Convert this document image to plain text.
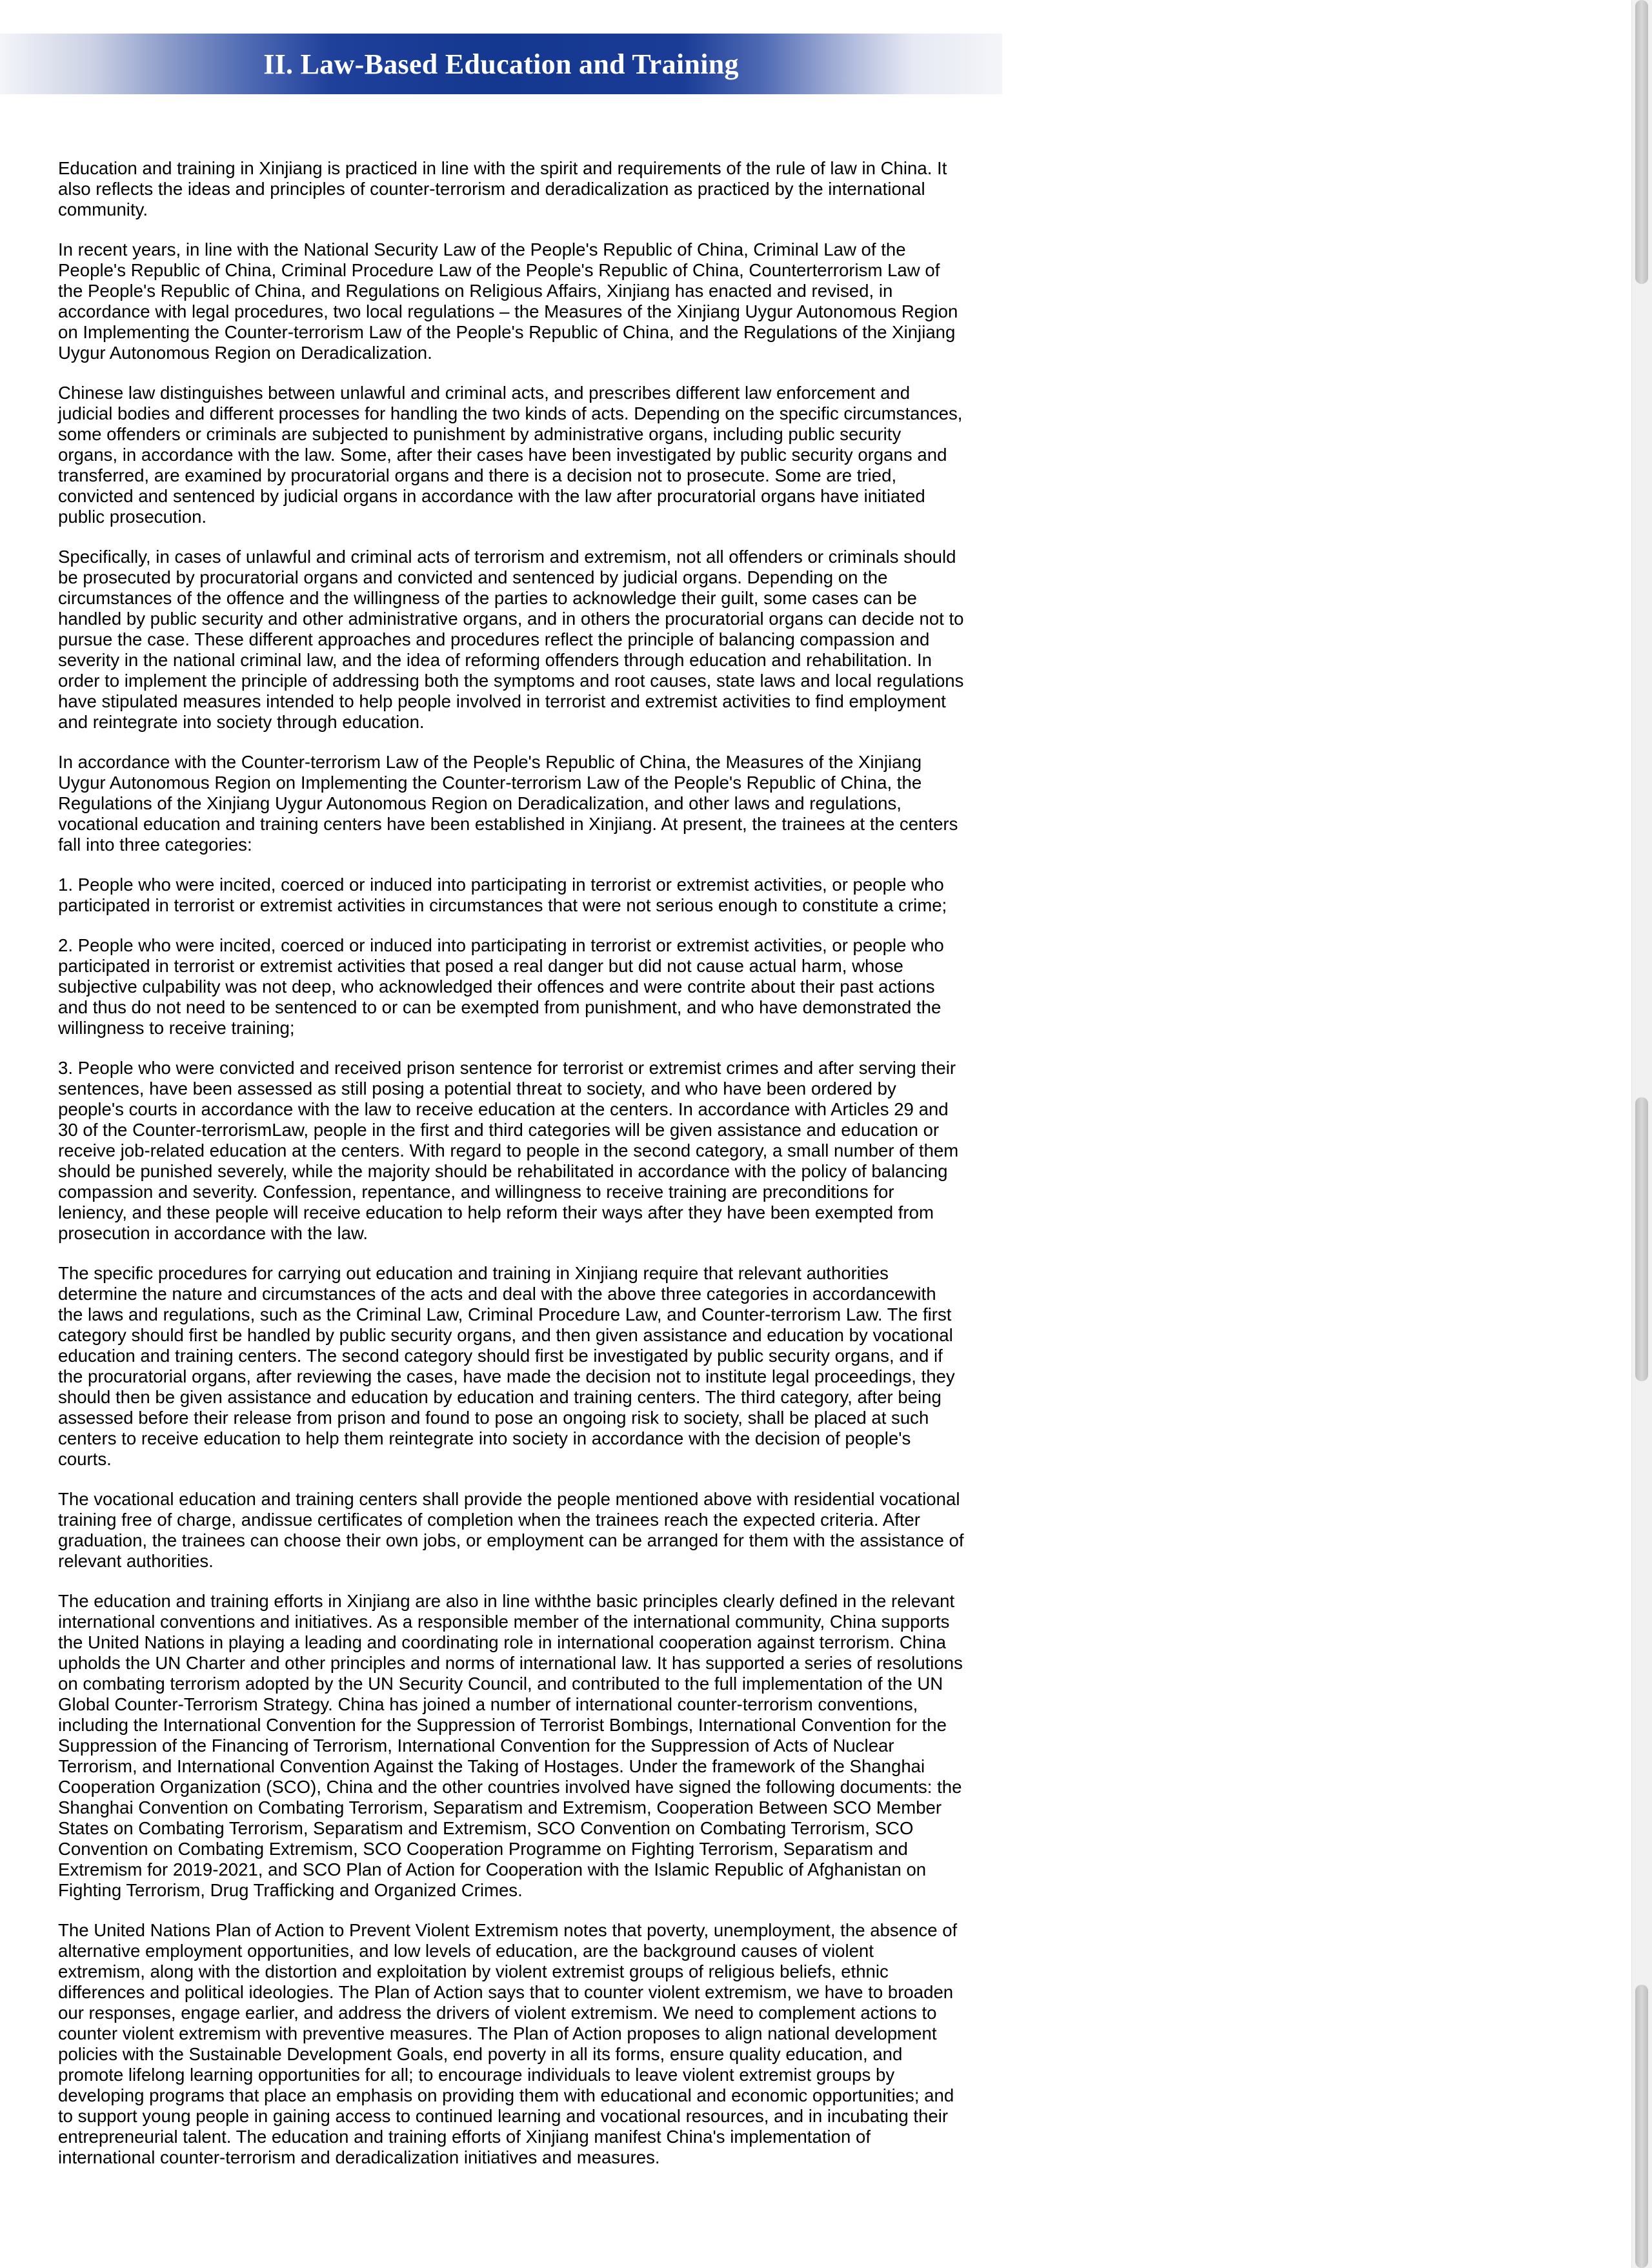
II. Law-Based Education and Training

Education and training in Xinjiang is practiced in line with the spirit and requirements of the rule of law in China. It also reflects the ideas and principles of counter-terrorism and deradicalization as practiced by the international community.

In recent years, in line with the National Security Law of the People's Republic of China, Criminal Law of the People's Republic of China, Criminal Procedure Law of the People's Republic of China, Counterterrorism Law of the People's Republic of China, and Regulations on Religious Affairs, Xinjiang has enacted and revised, in accordance with legal procedures, two local regulations – the Measures of the Xinjiang Uygur Autonomous Region on Implementing the Counter-terrorism Law of the People's Republic of China, and the Regulations of the Xinjiang Uygur Autonomous Region on Deradicalization.

Chinese law distinguishes between unlawful and criminal acts, and prescribes different law enforcement and judicial bodies and different processes for handling the two kinds of acts. Depending on the specific circumstances, some offenders or criminals are subjected to punishment by administrative organs, including public security organs, in accordance with the law. Some, after their cases have been investigated by public security organs and transferred, are examined by procuratorial organs and there is a decision not to prosecute. Some are tried, convicted and sentenced by judicial organs in accordance with the law after procuratorial organs have initiated public prosecution.

Specifically, in cases of unlawful and criminal acts of terrorism and extremism, not all offenders or criminals should be prosecuted by procuratorial organs and convicted and sentenced by judicial organs. Depending on the circumstances of the offence and the willingness of the parties to acknowledge their guilt, some cases can be handled by public security and other administrative organs, and in others the procuratorial organs can decide not to pursue the case. These different approaches and procedures reflect the principle of balancing compassion and severity in the national criminal law, and the idea of reforming offenders through education and rehabilitation. In order to implement the principle of addressing both the symptoms and root causes, state laws and local regulations have stipulated measures intended to help people involved in terrorist and extremist activities to find employment and reintegrate into society through education.

In accordance with the Counter-terrorism Law of the People's Republic of China, the Measures of the Xinjiang Uygur Autonomous Region on Implementing the Counter-terrorism Law of the People's Republic of China, the Regulations of the Xinjiang Uygur Autonomous Region on Deradicalization, and other laws and regulations, vocational education and training centers have been established in Xinjiang. At present, the trainees at the centers fall into three categories:

1. People who were incited, coerced or induced into participating in terrorist or extremist activities, or people who participated in terrorist or extremist activities in circumstances that were not serious enough to constitute a crime;

2. People who were incited, coerced or induced into participating in terrorist or extremist activities, or people who participated in terrorist or extremist activities that posed a real danger but did not cause actual harm, whose subjective culpability was not deep, who acknowledged their offences and were contrite about their past actions and thus do not need to be sentenced to or can be exempted from punishment, and who have demonstrated the willingness to receive training;

3. People who were convicted and received prison sentence for terrorist or extremist crimes and after serving their sentences, have been assessed as still posing a potential threat to society, and who have been ordered by people's courts in accordance with the law to receive education at the centers. In accordance with Articles 29 and 30 of the Counter-terrorismLaw, people in the first and third categories will be given assistance and education or receive job-related education at the centers. With regard to people in the second category, a small number of them should be punished severely, while the majority should be rehabilitated in accordance with the policy of balancing compassion and severity. Confession, repentance, and willingness to receive training are preconditions for leniency, and these people will receive education to help reform their ways after they have been exempted from prosecution in accordance with the law.

The specific procedures for carrying out education and training in Xinjiang require that relevant authorities determine the nature and circumstances of the acts and deal with the above three categories in accordancewith the laws and regulations, such as the Criminal Law, Criminal Procedure Law, and Counter-terrorism Law. The first category should first be handled by public security organs, and then given assistance and education by vocational education and training centers. The second category should first be investigated by public security organs, and if the procuratorial organs, after reviewing the cases, have made the decision not to institute legal proceedings, they should then be given assistance and education by education and training centers. The third category, after being assessed before their release from prison and found to pose an ongoing risk to society, shall be placed at such centers to receive education to help them reintegrate into society in accordance with the decision of people's courts.

The vocational education and training centers shall provide the people mentioned above with residential vocational training free of charge, andissue certificates of completion when the trainees reach the expected criteria. After graduation, the trainees can choose their own jobs, or employment can be arranged for them with the assistance of relevant authorities.

The education and training efforts in Xinjiang are also in line withthe basic principles clearly defined in the relevant international conventions and initiatives. As a responsible member of the international community, China supports the United Nations in playing a leading and coordinating role in international cooperation against terrorism. China upholds the UN Charter and other principles and norms of international law. It has supported a series of resolutions on combating terrorism adopted by the UN Security Council, and contributed to the full implementation of the UN Global Counter-Terrorism Strategy. China has joined a number of international counter-terrorism conventions, including the International Convention for the Suppression of Terrorist Bombings, International Convention for the Suppression of the Financing of Terrorism, International Convention for the Suppression of Acts of Nuclear Terrorism, and International Convention Against the Taking of Hostages. Under the framework of the Shanghai Cooperation Organization (SCO), China and the other countries involved have signed the following documents: the Shanghai Convention on Combating Terrorism, Separatism and Extremism, Cooperation Between SCO Member States on Combating Terrorism, Separatism and Extremism, SCO Convention on Combating Terrorism, SCO Convention on Combating Extremism, SCO Cooperation Programme on Fighting Terrorism, Separatism and Extremism for 2019-2021, and SCO Plan of Action for Cooperation with the Islamic Republic of Afghanistan on Fighting Terrorism, Drug Trafficking and Organized Crimes.

The United Nations Plan of Action to Prevent Violent Extremism notes that poverty, unemployment, the absence of alternative employment opportunities, and low levels of education, are the background causes of violent extremism, along with the distortion and exploitation by violent extremist groups of religious beliefs, ethnic differences and political ideologies. The Plan of Action says that to counter violent extremism, we have to broaden our responses, engage earlier, and address the drivers of violent extremism. We need to complement actions to counter violent extremism with preventive measures. The Plan of Action proposes to align national development policies with the Sustainable Development Goals, end poverty in all its forms, ensure quality education, and promote lifelong learning opportunities for all; to encourage individuals to leave violent extremist groups by developing programs that place an emphasis on providing them with educational and economic opportunities; and to support young people in gaining access to continued learning and vocational resources, and in incubating their entrepreneurial talent. The education and training efforts of Xinjiang manifest China's implementation of international counter-terrorism and deradicalization initiatives and measures.
